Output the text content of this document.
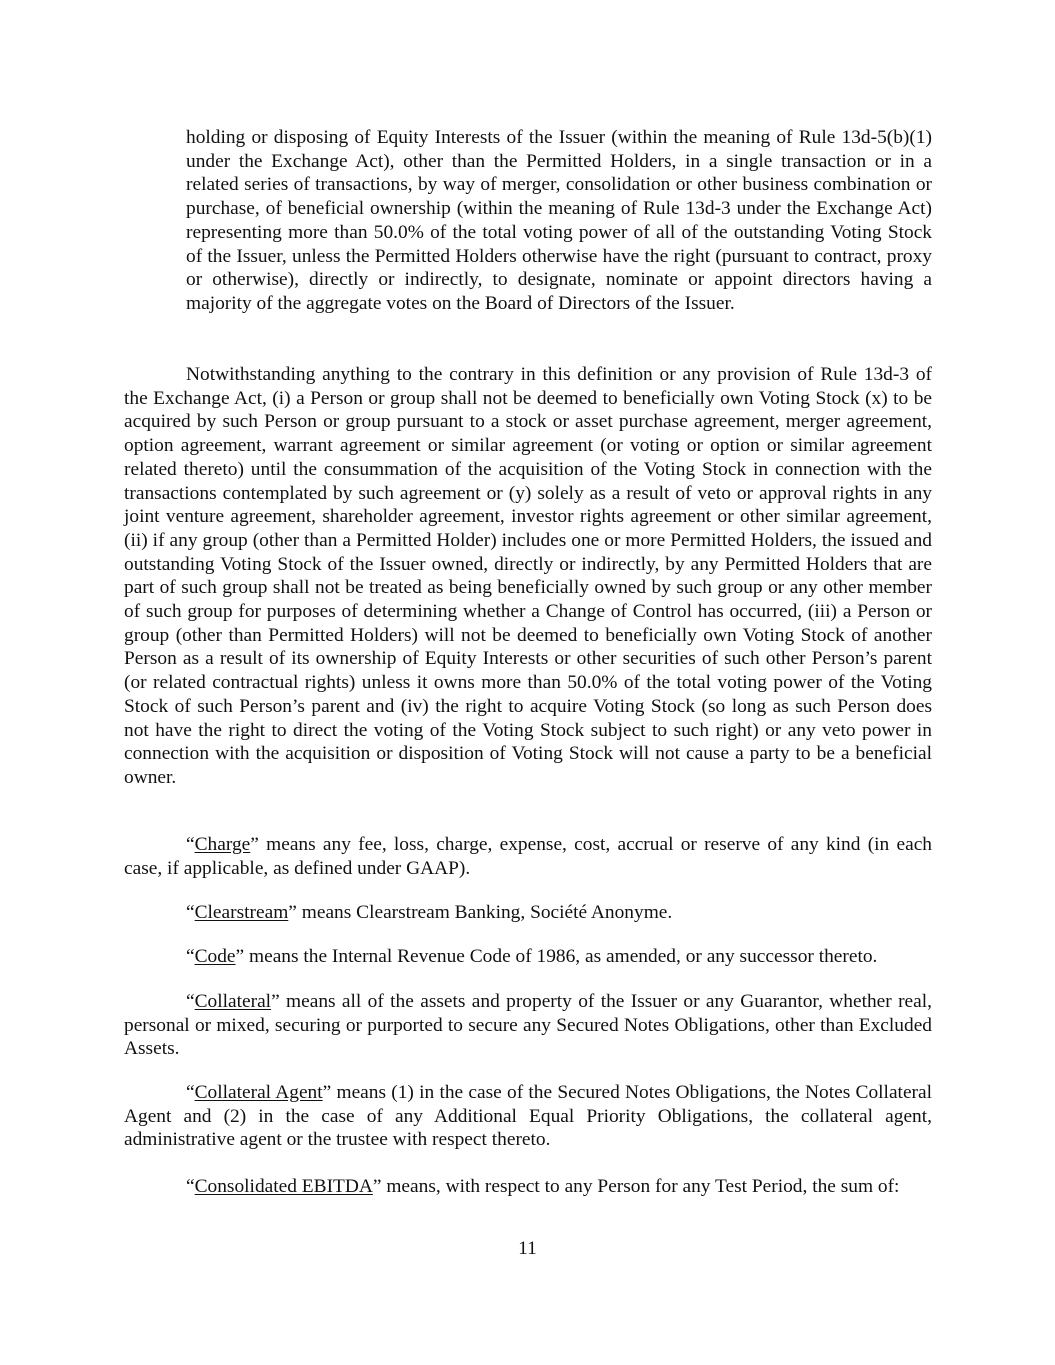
holding or disposing of Equity Interests of the Issuer (within the meaning of Rule 13d-5(b)(1) under the Exchange Act), other than the Permitted Holders, in a single transaction or in a related series of transactions, by way of merger, consolidation or other business combination or purchase, of beneficial ownership (within the meaning of Rule 13d-3 under the Exchange Act) representing more than 50.0% of the total voting power of all of the outstanding Voting Stock of the Issuer, unless the Permitted Holders otherwise have the right (pursuant to contract, proxy or otherwise), directly or indirectly, to designate, nominate or appoint directors having a majority of the aggregate votes on the Board of Directors of the Issuer.

Notwithstanding anything to the contrary in this definition or any provision of Rule 13d-3 of the Exchange Act, (i) a Person or group shall not be deemed to beneficially own Voting Stock (x) to be acquired by such Person or group pursuant to a stock or asset purchase agreement, merger agreement, option agreement, warrant agreement or similar agreement (or voting or option or similar agreement related thereto) until the consummation of the acquisition of the Voting Stock in connection with the transactions contemplated by such agreement or (y) solely as a result of veto or approval rights in any joint venture agreement, shareholder agreement, investor rights agreement or other similar agreement, (ii) if any group (other than a Permitted Holder) includes one or more Permitted Holders, the issued and outstanding Voting Stock of the Issuer owned, directly or indirectly, by any Permitted Holders that are part of such group shall not be treated as being beneficially owned by such group or any other member of such group for purposes of determining whether a Change of Control has occurred, (iii) a Person or group (other than Permitted Holders) will not be deemed to beneficially own Voting Stock of another Person as a result of its ownership of Equity Interests or other securities of such other Person’s parent (or related contractual rights) unless it owns more than 50.0% of the total voting power of the Voting Stock of such Person’s parent and (iv) the right to acquire Voting Stock (so long as such Person does not have the right to direct the voting of the Voting Stock subject to such right) or any veto power in connection with the acquisition or disposition of Voting Stock will not cause a party to be a beneficial owner.

“Charge” means any fee, loss, charge, expense, cost, accrual or reserve of any kind (in each case, if applicable, as defined under GAAP).

“Clearstream” means Clearstream Banking, Société Anonyme.

“Code” means the Internal Revenue Code of 1986, as amended, or any successor thereto.

“Collateral” means all of the assets and property of the Issuer or any Guarantor, whether real, personal or mixed, securing or purported to secure any Secured Notes Obligations, other than Excluded Assets.

“Collateral Agent” means (1) in the case of the Secured Notes Obligations, the Notes Collateral Agent and (2) in the case of any Additional Equal Priority Obligations, the collateral agent, administrative agent or the trustee with respect thereto.

“Consolidated EBITDA” means, with respect to any Person for any Test Period, the sum of:

11
